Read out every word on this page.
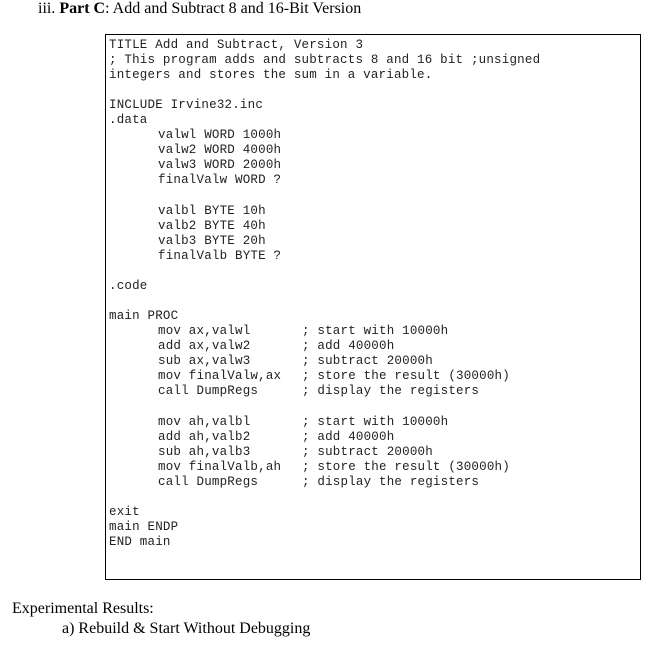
iii. Part C: Add and Subtract 8 and 16-Bit Version
TITLE Add and Subtract, Version 3
; This program adds and subtracts 8 and 16 bit ;unsigned
integers and stores the sum in a variable.
INCLUDE Irvine32.inc
.data
valwl WORD 1000h
valw2 WORD 4000h
valw3 WORD 2000h
finalValw WORD ?
valbl BYTE 10h
valb2 BYTE 40h
valb3 BYTE 20h
finalValb BYTE ?
.code
main PROC
mov ax,valwl
add ax,valw2
sub ax,valw3
mov finalValw,ax
call DumpRegs
; start with 10000h
; add 40000h
; subtract 20000h
; store the result (30000h)
; display the registers
mov ah,valbl
add ah,valb2
sub ah,valb3
mov finalValb,ah
call DumpRegs
; start with 10000h
; add 40000h
; subtract 20000h
; store the result (30000h)
; display the registers
exit
main ENDP
END main
Experimental Results:
a) Rebuild & Start Without Debugging
